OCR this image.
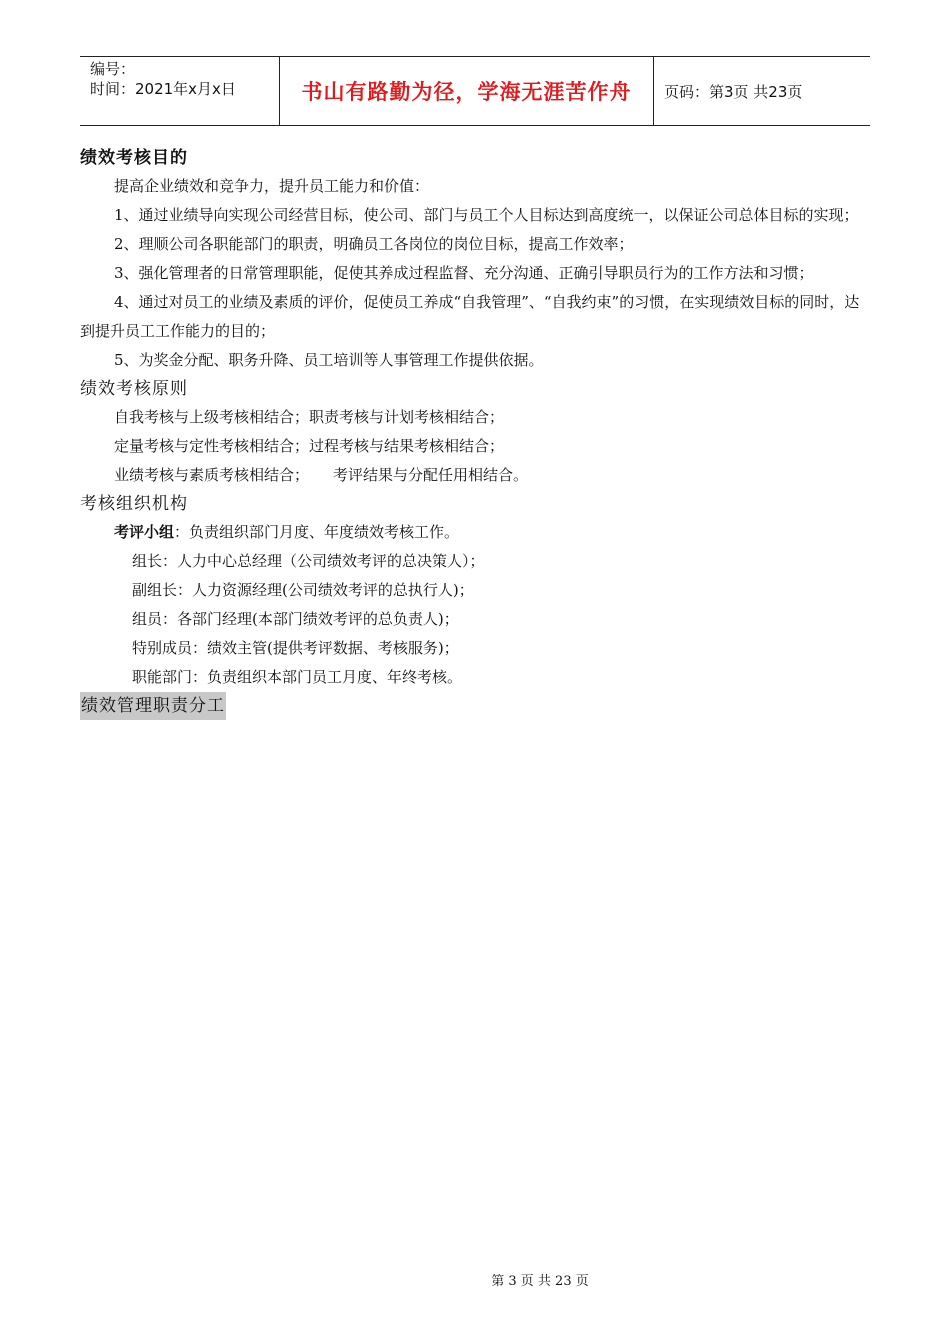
编号：
时间：2021年x月x日	书山有路勤为径，学海无涯苦作舟	页码：第3页 共23页
绩效考核目的

提高企业绩效和竞争力，提升员工能力和价值：

1、通过业绩导向实现公司经营目标，使公司、部门与员工个人目标达到高度统一，以保证公司总体目标的实现；

2、理顺公司各职能部门的职责，明确员工各岗位的岗位目标，提高工作效率；

3、强化管理者的日常管理职能，促使其养成过程监督、充分沟通、正确引导职员行为的工作方法和习惯；

4、通过对员工的业绩及素质的评价，促使员工养成“自我管理”、“自我约束”的习惯，在实现绩效目标的同时，达到提升员工工作能力的目的；

5、为奖金分配、职务升降、员工培训等人事管理工作提供依据。

绩效考核原则

自我考核与上级考核相结合；职责考核与计划考核相结合；

定量考核与定性考核相结合；过程考核与结果考核相结合；

业绩考核与素质考核相结合； 考评结果与分配任用相结合。

考核组织机构

考评小组：负责组织部门月度、年度绩效考核工作。

组长：人力中心总经理（公司绩效考评的总决策人）；

副组长：人力资源经理(公司绩效考评的总执行人)；

组员：各部门经理(本部门绩效考评的总负责人)；

特别成员：绩效主管(提供考评数据、考核服务)；

职能部门：负责组织本部门员工月度、年终考核。

绩效管理职责分工
第 3 页 共 23 页
